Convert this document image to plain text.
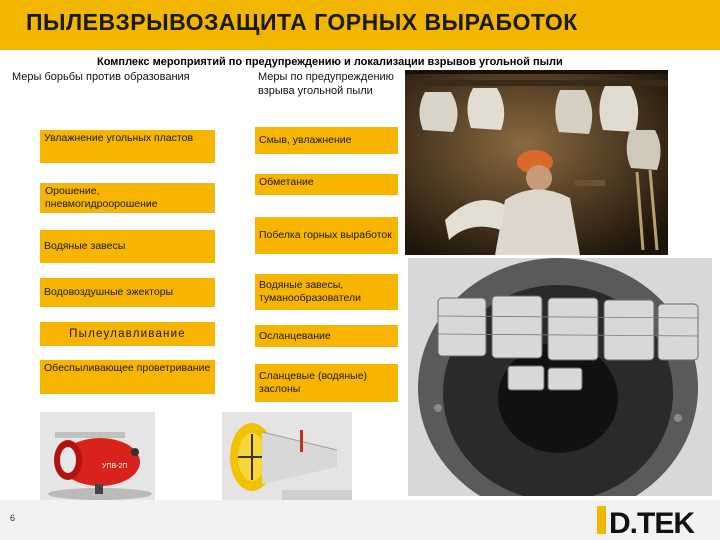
ПЫЛЕВЗРЫВОЗАЩИТА ГОРНЫХ ВЫРАБОТОК
Комплекс мероприятий по предупреждению и локализации взрывов угольной пыли
Меры борьбы против образования	Меры по предупреждению взрыва угольной пыли
Увлажнение угольных пластов
Орошение, пневмогидроорошение
Водяные завесы
Водовоздушные эжекторы
Пылеулавливание
Обеспыливающее проветривание
Смыв, увлажнение
Обметание
Побелка горных выработок
Водяные завесы, туманообразователи
Осланцевание
Сланцевые (водяные) заслоны
УПВ-2П
6	D.TEK
